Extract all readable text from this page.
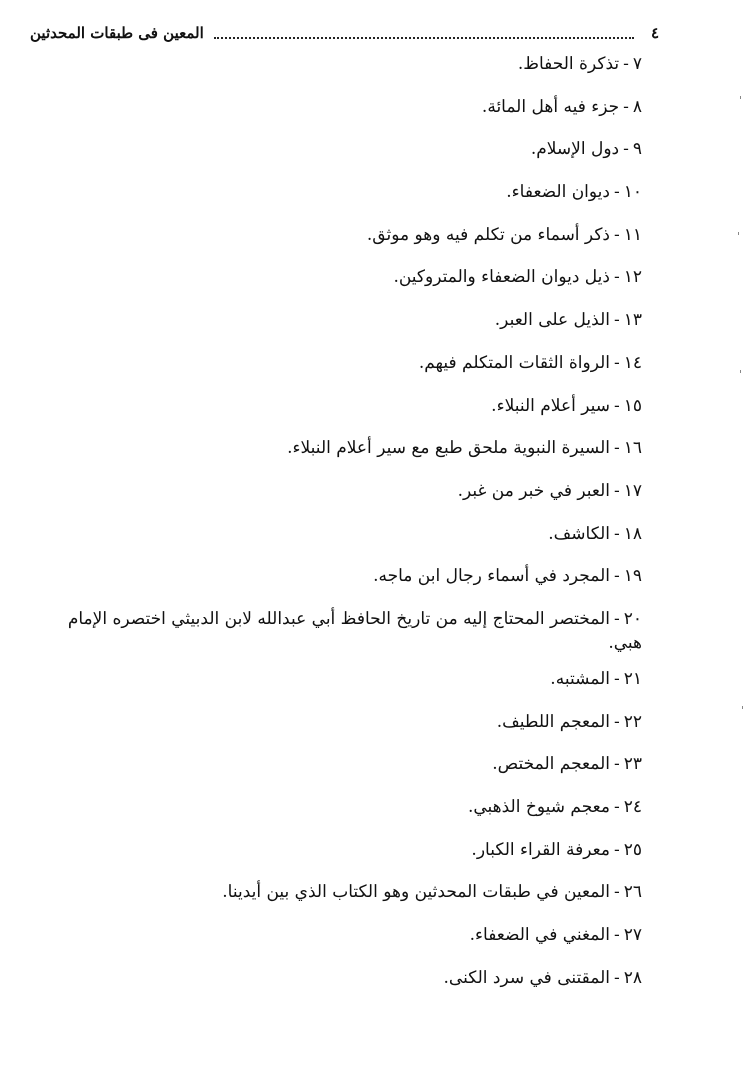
٤
المعين فى طبقات المحدثين
٧-تذكرة الحفاظ.
٨-جزء فيه أهل المائة.
٩-دول الإسلام.
١٠-ديوان الضعفاء.
١١-ذكر أسماء من تكلم فيه وهو موثق.
١٢-ذيل ديوان الضعفاء والمتروكين.
١٣-الذيل على العبر.
١٤-الرواة الثقات المتكلم فيهم.
١٥-سير أعلام النبلاء.
١٦-السيرة النبوية ملحق طبع مع سير أعلام النبلاء.
١٧-العبر في خبر من غبر.
١٨-الكاشف.
١٩-المجرد في أسماء رجال ابن ماجه.
٢٠-المختصر المحتاج إليه من تاريخ الحافظ أبي عبدالله لابن الدبيثي اختصره الإمام
هبي.
٢١-المشتبه.
٢٢-المعجم اللطيف.
٢٣-المعجم المختص.
٢٤-معجم شيوخ الذهبي.
٢٥-معرفة القراء الكبار.
٢٦-المعين في طبقات المحدثين وهو الكتاب الذي بين أيدينا.
٢٧-المغني في الضعفاء.
٢٨-المقتنى في سرد الكنى.
